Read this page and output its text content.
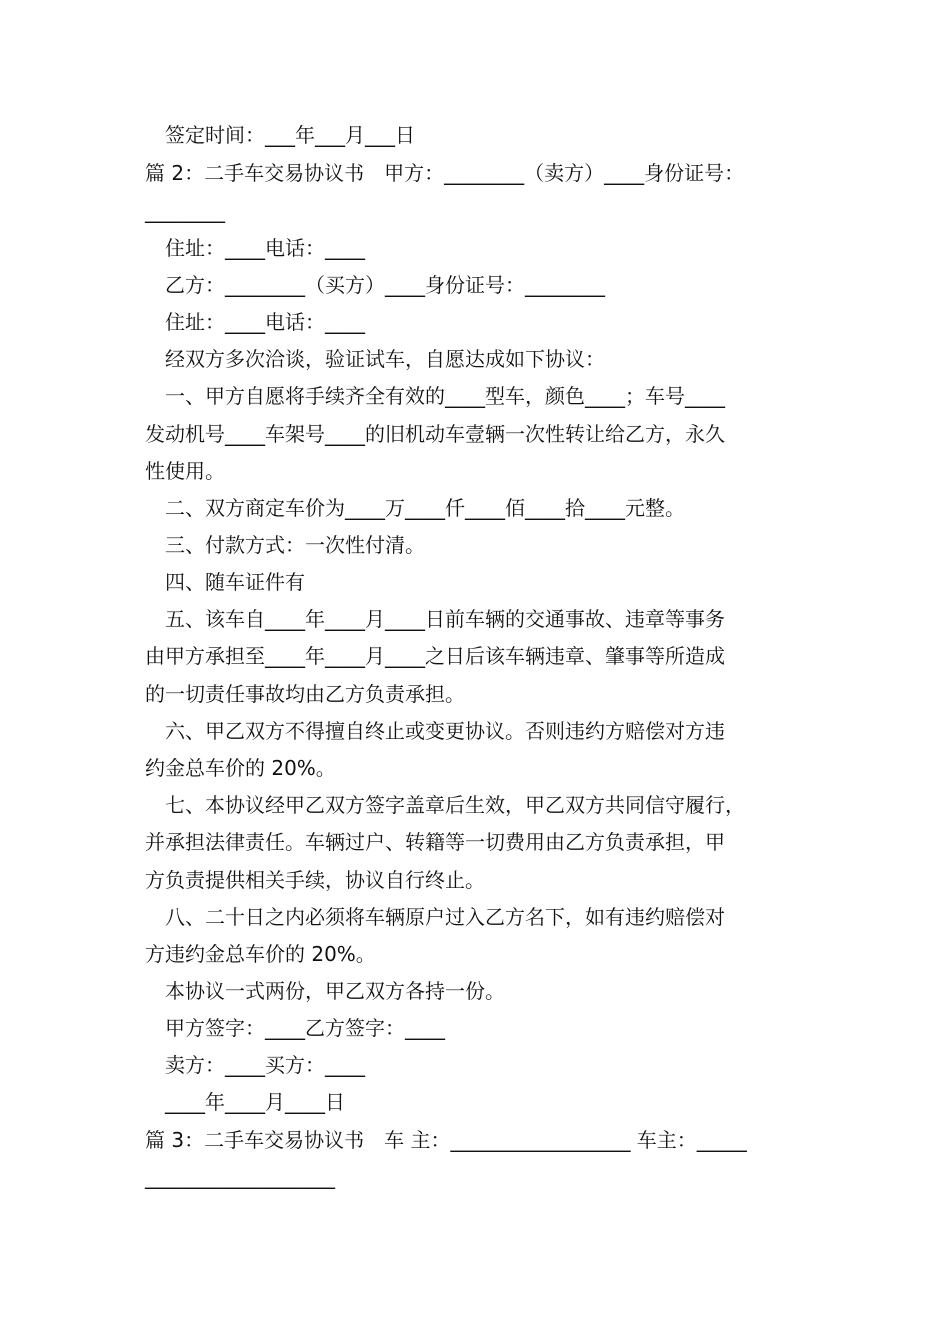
　签定时间：___年___月___日
篇 2：二手车交易协议书　甲方：________（卖方）____身份证号：
________
　住址：____电话：____
　乙方：________（买方）____身份证号：________
　住址：____电话：____
　经双方多次洽谈，验证试车，自愿达成如下协议：
　一、甲方自愿将手续齐全有效的____型车，颜色____；车号____
发动机号____车架号____的旧机动车壹辆一次性转让给乙方，永久
性使用。
　二、双方商定车价为____万____仟____佰____拾____元整。
　三、付款方式：一次性付清。
　四、随车证件有
　五、该车自____年____月____日前车辆的交通事故、违章等事务
由甲方承担至____年____月____之日后该车辆违章、肇事等所造成
的一切责任事故均由乙方负责承担。
　六、甲乙双方不得擅自终止或变更协议。否则违约方赔偿对方违
约金总车价的 20%。
　七、本协议经甲乙双方签字盖章后生效，甲乙双方共同信守履行，
并承担法律责任。车辆过户、转籍等一切费用由乙方负责承担，甲
方负责提供相关手续，协议自行终止。
　八、二十日之内必须将车辆原户过入乙方名下，如有违约赔偿对
方违约金总车价的 20%。
　本协议一式两份，甲乙双方各持一份。
　甲方签字：____乙方签字：____
　卖方：____买方：____
　____年____月____日
篇 3：二手车交易协议书　车 主：__________________ 车主：_____
___________________
